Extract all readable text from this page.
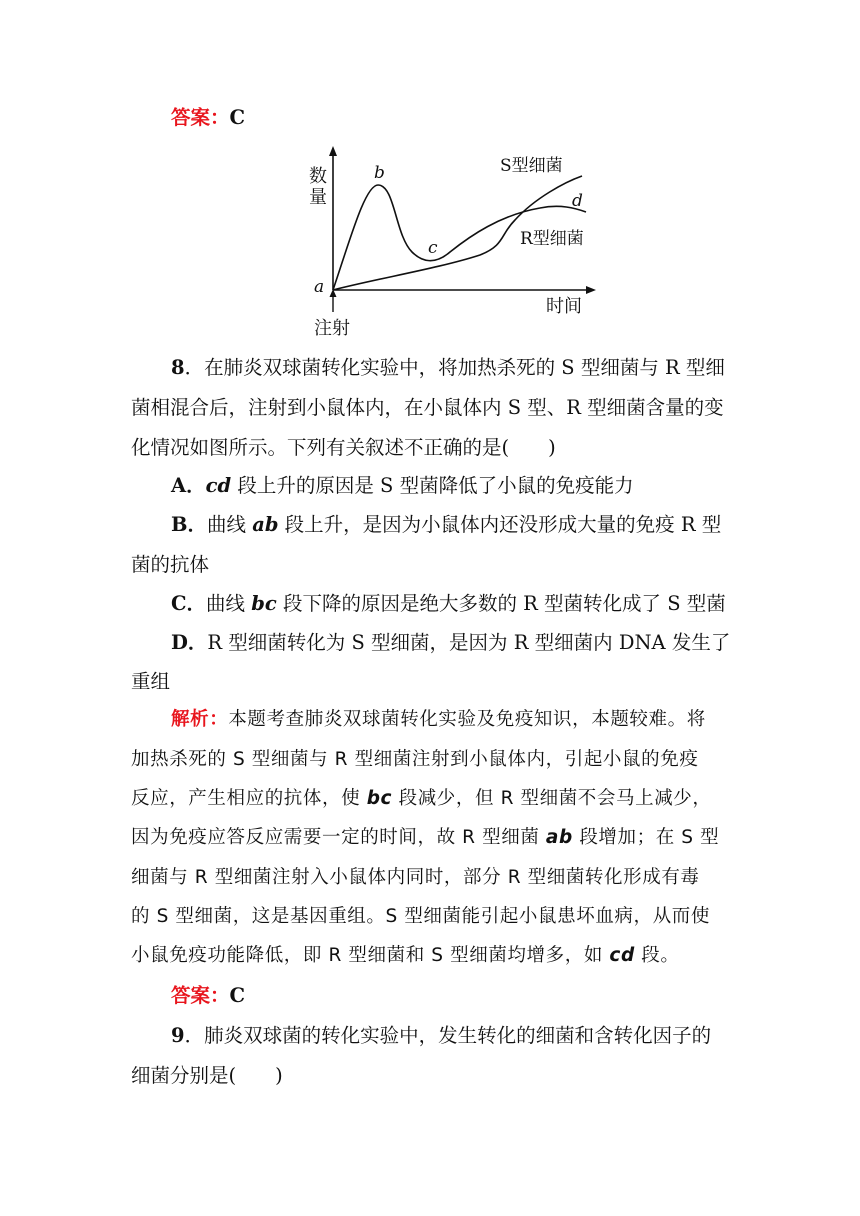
答案：C
数
量
b
c
d
a
S型细菌
R型细菌
时间
注射
8．在肺炎双球菌转化实验中，将加热杀死的 S 型细菌与 R 型细
菌相混合后，注射到小鼠体内，在小鼠体内 S 型、R 型细菌含量的变
化情况如图所示。下列有关叙述不正确的是(　　)
A．cd 段上升的原因是 S 型菌降低了小鼠的免疫能力
B．曲线 ab 段上升，是因为小鼠体内还没形成大量的免疫 R 型
菌的抗体
C．曲线 bc 段下降的原因是绝大多数的 R 型菌转化成了 S 型菌
D．R 型细菌转化为 S 型细菌，是因为 R 型细菌内 DNA 发生了
重组
解析：本题考查肺炎双球菌转化实验及免疫知识，本题较难。将
加热杀死的 S 型细菌与 R 型细菌注射到小鼠体内，引起小鼠的免疫
反应，产生相应的抗体，使 bc 段减少，但 R 型细菌不会马上减少，
因为免疫应答反应需要一定的时间，故 R 型细菌 ab 段增加；在 S 型
细菌与 R 型细菌注射入小鼠体内同时，部分 R 型细菌转化形成有毒
的 S 型细菌，这是基因重组。S 型细菌能引起小鼠患坏血病，从而使
小鼠免疫功能降低，即 R 型细菌和 S 型细菌均增多，如 cd 段。
答案：C
9．肺炎双球菌的转化实验中，发生转化的细菌和含转化因子的
细菌分别是(　　)
